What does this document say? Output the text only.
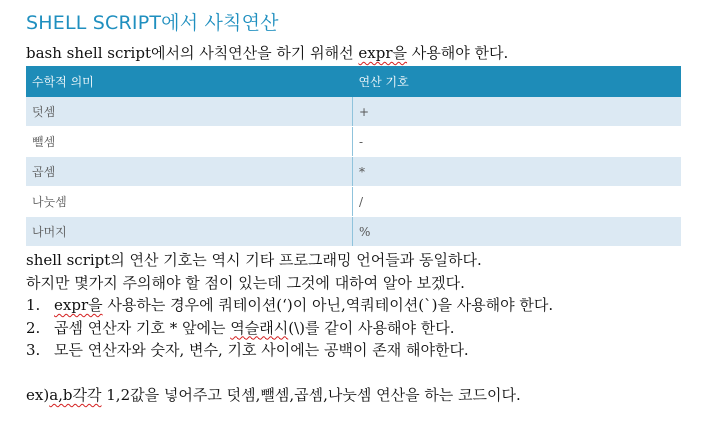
SHELL SCRIPT에서 사칙연산
bash shell script에서의 사칙연산을 하기 위해선 expr을 사용해야 한다.
수학적 의미	연산 기호
덧셈	+
뺄셈	-
곱셈	*
나눗셈	/
나머지	%
shell script의 연산 기호는 역시 기타 프로그래밍 언어들과 동일하다.
하지만 몇가지 주의해야 할 점이 있는데 그것에 대하여 알아 보겠다.
1. expr을 사용하는 경우에 쿼테이션(‘)이 아닌,역쿼테이션(`)을 사용해야 한다.
2. 곱셈 연산자 기호 * 앞에는 역슬래시(\)를 같이 사용해야 한다.
3. 모든 연산자와 숫자, 변수, 기호 사이에는 공백이 존재 해야한다.
ex)a,b각각 1,2값을 넣어주고 덧셈,뺄셈,곱셈,나눗셈 연산을 하는 코드이다.
